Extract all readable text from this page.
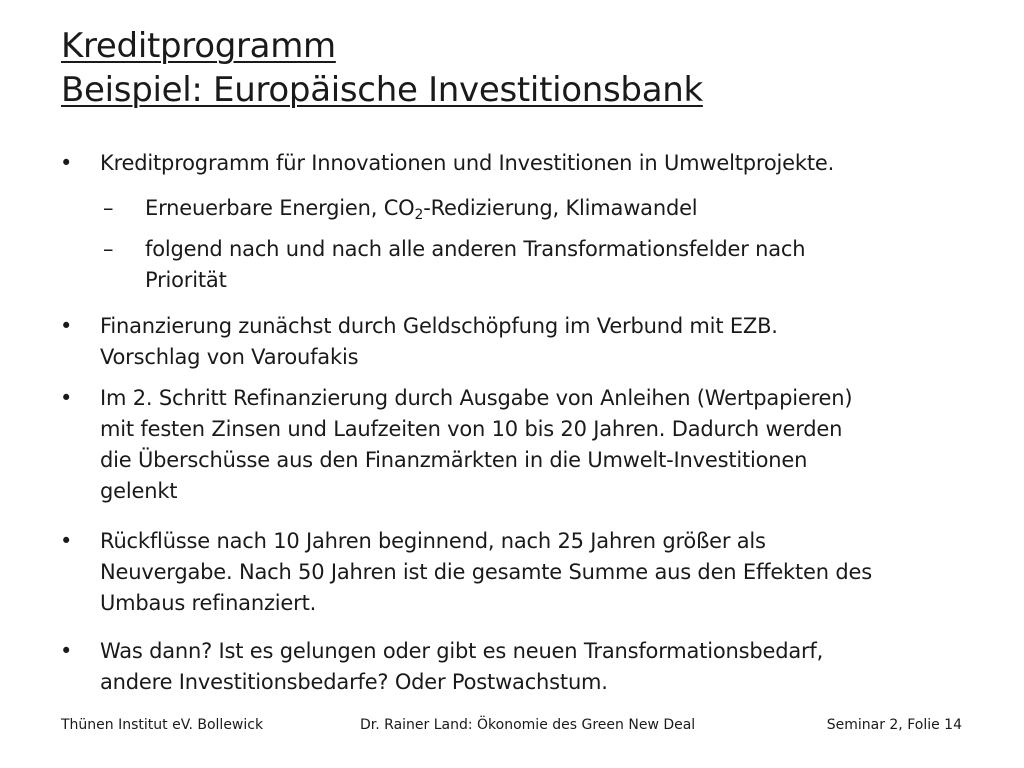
Kreditprogramm
Beispiel: Europäische Investitionsbank
• Kreditprogramm für Innovationen und Investitionen in Umweltprojekte.
– Erneuerbare Energien, $CO_2$-Redizierung, Klimawandel
– folgend nach und nach alle anderen Transformationsfelder nach
Priorität
• Finanzierung zunächst durch Geldschöpfung im Verbund mit EZB.
Vorschlag von Varoufakis
• Im 2. Schritt Refinanzierung durch Ausgabe von Anleihen (Wertpapieren)
mit festen Zinsen und Laufzeiten von 10 bis 20 Jahren. Dadurch werden
die Überschüsse aus den Finanzmärkten in die Umwelt-Investitionen
gelenkt
• Rückflüsse nach 10 Jahren beginnend, nach 25 Jahren größer als
Neuvergabe. Nach 50 Jahren ist die gesamte Summe aus den Effekten des
Umbaus refinanziert.
• Was dann? Ist es gelungen oder gibt es neuen Transformationsbedarf,
andere Investitionsbedarfe? Oder Postwachstum.
Thünen Institut eV. Bollewick	Dr. Rainer Land: Ökonomie des Green New Deal	Seminar 2, Folie 14
